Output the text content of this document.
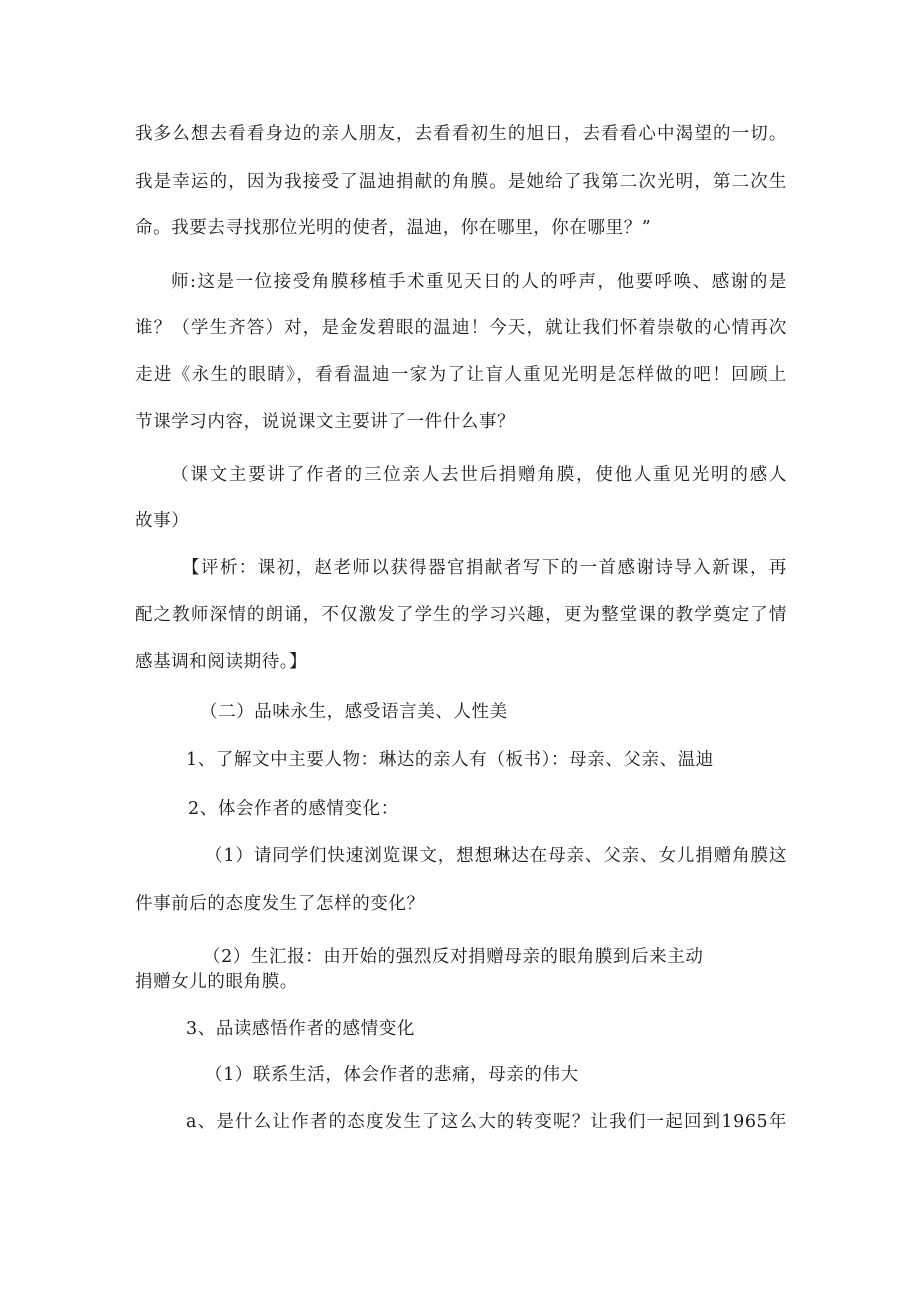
我多么想去看看身边的亲人朋友，去看看初生的旭日，去看看心中渴望的一切。
我是幸运的，因为我接受了温迪捐献的角膜。是她给了我第二次光明，第二次生
命。我要去寻找那位光明的使者，温迪，你在哪里，你在哪里？”
师:这是一位接受角膜移植手术重见天日的人的呼声，他要呼唤、感谢的是
谁？（学生齐答）对，是金发碧眼的温迪！今天，就让我们怀着崇敬的心情再次
走进《永生的眼睛》，看看温迪一家为了让盲人重见光明是怎样做的吧！回顾上
节课学习内容，说说课文主要讲了一件什么事？
（课文主要讲了作者的三位亲人去世后捐赠角膜，使他人重见光明的感人
故事）
【评析：课初，赵老师以获得器官捐献者写下的一首感谢诗导入新课，再
配之教师深情的朗诵，不仅激发了学生的学习兴趣，更为整堂课的教学奠定了情
感基调和阅读期待。】
（二）品味永生，感受语言美、人性美
1、了解文中主要人物：琳达的亲人有（板书）：母亲、父亲、温迪
2、体会作者的感情变化：
（1）请同学们快速浏览课文，想想琳达在母亲、父亲、女儿捐赠角膜这
件事前后的态度发生了怎样的变化？
（2）生汇报：由开始的强烈反对捐赠母亲的眼角膜到后来主动
捐赠女儿的眼角膜。
3、品读感悟作者的感情变化
（1）联系生活，体会作者的悲痛，母亲的伟大
a、是什么让作者的态度发生了这么大的转变呢？让我们一起回到1965年
